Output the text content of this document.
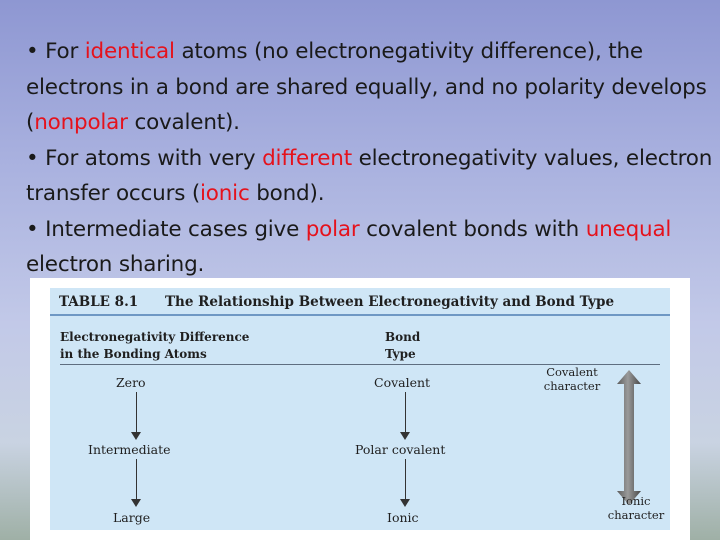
• For identical atoms (no electronegativity difference), the electrons in a bond are shared equally, and no polarity develops (nonpolar covalent).

• For atoms with very different electronegativity values, electron transfer occurs (ionic bond).

• Intermediate cases give polar covalent bonds with unequal electron sharing.

TABLE 8.1 The Relationship Between Electronegativity and Bond Type
Electronegativity Difference
in the Bonding Atoms
Bond
Type
Zero
Intermediate
Large
Covalent
Polar covalent
Ionic
Covalent
character
Ionic
character
